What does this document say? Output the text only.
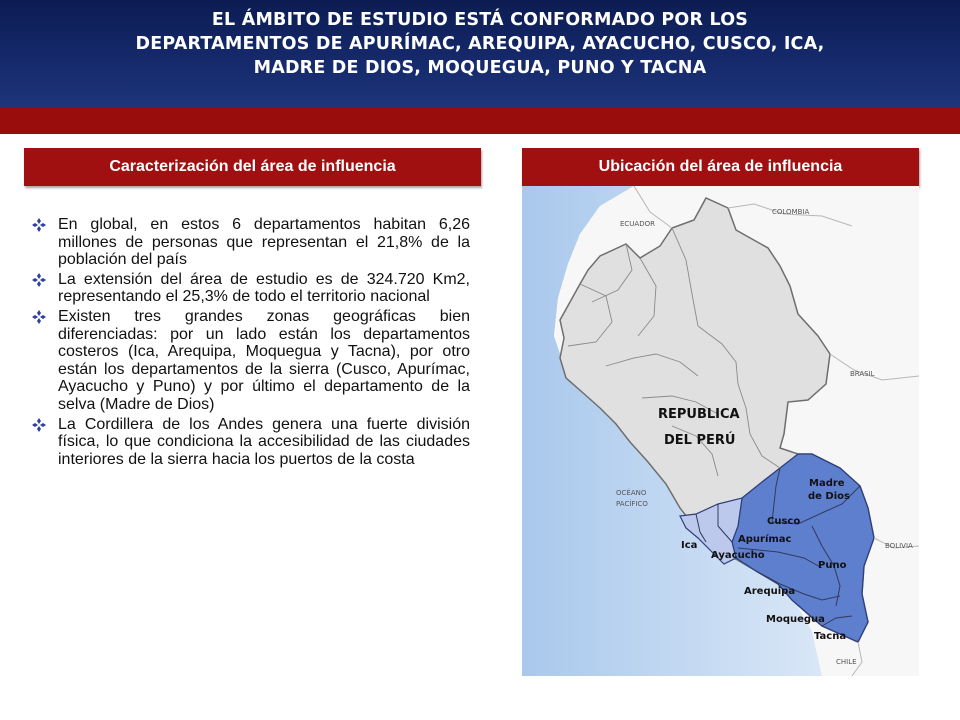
EL ÁMBITO DE ESTUDIO ESTÁ CONFORMADO POR LOS
DEPARTAMENTOS DE APURÍMAC, AREQUIPA, AYACUCHO, CUSCO, ICA,
MADRE DE DIOS, MOQUEGUA, PUNO Y TACNA
Caracterización del área de influencia	Ubicación del área de influencia
En global, en estos 6 departamentos habitan 6,26 millones de personas que representan el 21,8% de la población del país
La extensión del área de estudio es de 324.720 Km2, representando el 25,3% de todo el territorio nacional
Existen tres grandes zonas geográficas bien diferenciadas: por un lado están los departamentos costeros (Ica, Arequipa, Moquegua y Tacna), por otro están los departamentos de la sierra (Cusco, Apurímac, Ayacucho y Puno) y por último el departamento de la selva (Madre de Dios)
La Cordillera de los Andes genera una fuerte división física, lo que condiciona la accesibilidad de las ciudades interiores de la sierra hacia los puertos de la costa
ECUADOR
COLOMBIA
BRASIL
BOLIVIA
CHILE
OCÉANO
PACÍFICO
REPUBLICA
DEL PERÚ
Madre
de Dios
Cusco
Apurímac
Ayacucho
Ica
Puno
Arequipa
Moquegua
Tacna
